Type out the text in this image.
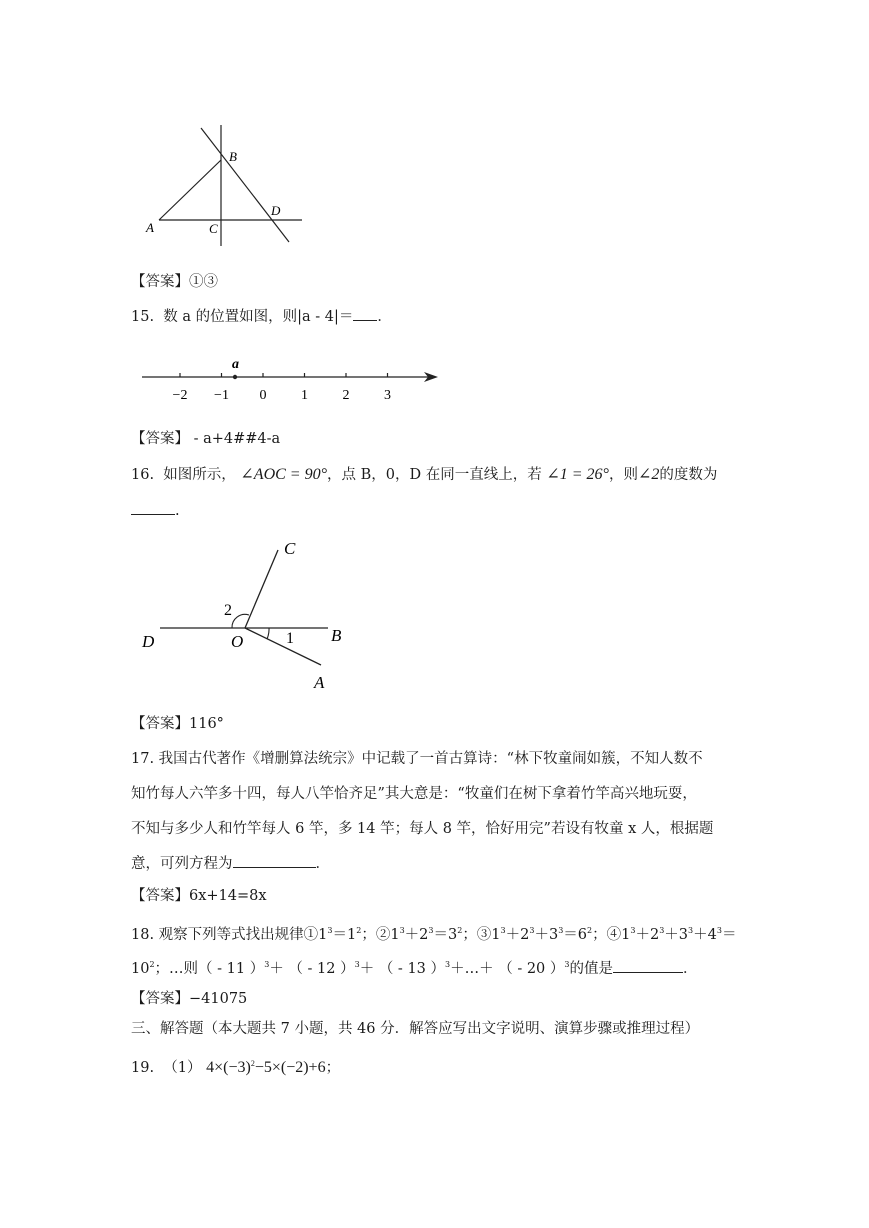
A
B
C
D
【答案】①③
15. 数 a 的位置如图，则|a - 4|＝ ．
−2 −1 0 1 2 3
a
【答案】 - a+4##4-a
16. 如图所示， ∠AOC = 90°，点 B，0，D 在同一直线上，若 ∠1 = 26°，则∠2的度数为
.
C
D	O	B
A
1
2
【答案】116°
17. 我国古代著作《增删算法统宗》中记载了一首古算诗：“林下牧童闹如簇，不知人数不
知竹每人六竿多十四，每人八竿恰齐足”其大意是：“牧童们在树下拿着竹竿高兴地玩耍，
不知与多少人和竹竿每人 6 竿，多 14 竿；每人 8 竿，恰好用完”若设有牧童 x 人，根据题
意，可列方程为	．
【答案】6x+14=8x
18. 观察下列等式找出规律$①1^3=1^2$；$②1^3+2^3=3^2$；$③1^3+2^3+3^3=6^2$；$④1^3+2^3+3^3+4^3=$
$10^2$；…则（ - 11 ）$^3$＋ （ - 12 ）$^3$＋ （ - 13 ）$^3$＋…＋ （ - 20 ）$^3$的值是	．
【答案】−41075
三、解答题（本大题共 7 小题，共 46 分．解答应写出文字说明、演算步骤或推理过程）
19. （1） $4\times(-3)^2-5\times(-2)+6$；
